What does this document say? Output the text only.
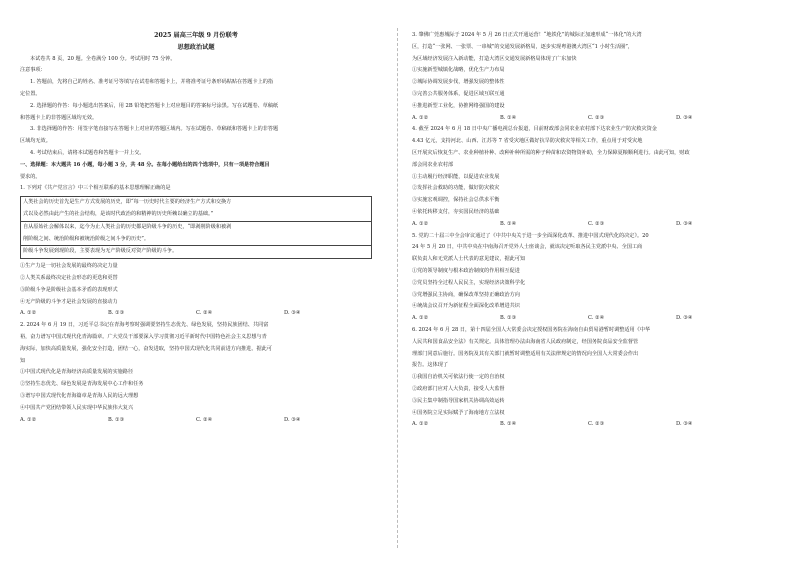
2025 届高三年级 9 月份联考
思想政治试题
本试卷共 8 页，20 题。全卷满分 100 分。考试用时 75 分钟。
注意事项：
1. 答题前，先将自己的姓名、准考证号等填写在试卷和答题卡上，并将准考证号条形码粘贴在答题卡上的指
定位置。
2. 选择题的作答：每小题选出答案后，用 2B 铅笔把答题卡上对应题目的答案标号涂黑。写在试题卷、草稿纸
和答题卡上的非答题区域均无效。
3. 非选择题的作答：用签字笔直接写在答题卡上对应的答题区域内。写在试题卷、草稿纸和答题卡上的非答题
区域均无效。
4. 考试结束后，请将本试题卷和答题卡一并上交。
一、选择题：本大题共 16 小题，每小题 3 分，共 48 分。在每小题给出的四个选项中，只有一项是符合题目
要求的。
1. 下列对《共产党宣言》中三个相互联系的基本思想理解正确的是
人类社会的历史首先是生产方式发展的历史，即“每一历史时代主要的经济生产方式和交换方
式以及必然由此产生的社会结构，是该时代政治的和精神的历史所赖以确立的基础。”
自从原始社会解体以来，迄今为止人类社会的历史都是阶级斗争的历史，“即剥削阶级和被剥
削阶级之间、统治阶级和被统治阶级之间斗争的历史”。
阶级斗争发展到现阶段，主要表现为无产阶级反对资产阶级的斗争。
①生产力是一切社会发展的最终的决定力量
②人类关系最终决定社会形态的更迭和更替
③阶级斗争是阶级社会基本矛盾的表现形式
④无产阶级的斗争才是社会发展的直接动力
A. ①②	B. ①③	C. ②④	D. ③④
2. 2024 年 6 月 19 日，习近平总书记在青海考察时强调要坚持生态优先、绿色发展，坚持民族团结、共同富
裕，奋力谱写中国式现代化青海篇章。广大党员干部要深入学习贯彻习近平新时代中国特色社会主义思想与青
海实际，加快高质量发展，强化安全打造，团结一心，奋发进取，坚持中国式现代化共同前进方向推进。据此可
知
①中国式现代化是青海经济高质量发展的实施路径
②坚持生态优先、绿色发展是青海发展中心工作和任务
③谱写中国式现代化青海篇章是青海人民的远大理想
④中国共产党团结带领人民实现中华民族伟大复兴
A. ①②	B. ①③	C. ②④	D. ③④
3. 肇佛广莞惠城际于 2024 年 5 月 26 日正式开通运营！“地铁化”的城际正加速形成“一体化”的大湾
区，打造“一张网、一张票、一串城”的交通发展新格局，逐步实现粤港澳大湾区“1 小时生活圈”，
为区域经济发展注入新动能，打造大湾区交通发展新格局体现了广东加快
①实施新型城镇化战略，优化生产力布局
②城际协调发展步伐，增强发展的整体性
③完善公共服务体系，促进区域互联互通
④推进新型工业化，协推网络强国的建设
A. ①②	B. ①④	C. ②③	D. ③④
4. 截至 2024 年 6 月 18 日中央广播电视总台报道，目前财政部会同农业农村部下达农业生产防灾救灾资金
4.43 亿元，支持河北、山西、江苏等 7 省受灾地区做好抗旱防灾救灾等相关工作，重点用于对受灾地
区开展灾后恢复生产、农业种植补种、改种补种所需的种子种苗和农资物资补助，全力保障夏粮顺利进行。由此可知，财政
部会同农业农村部
①主动履行经济职能，以促进农业发展
②发挥社会救助的功能，做好防灾救灾
③实施宏观调控，保持社会总供求平衡
④依托转移支付，夯实国民经济的基础
A. ①②	B. ①④	C. ②③	D. ③④
5. 党的二十届三中全会审议通过了《中共中央关于进一步全面深化改革、推进中国式现代化的决定》。20
24 年 5 月 20 日，中共中央在中南海召开党外人士座谈会，就该决定听取各民主党派中央、全国工商
联负责人和无党派人士代表的意见建议，据此可知
①党的领导制度与根本政治制度的作用相互促进
②党员坚持全过程人民民主，实现经济决策科学化
③党增强民主协商，确保改革坚持正确政治方向
④统战会议召开为新征程全面深化改革增进共识
A. ①②	B. ①③	C. ②④	D. ③④
6. 2024 年 6 月 28 日，第十四届全国人大常委会决定授权国务院在海南自由贸易港暂时调整适用《中华
人民共和国食品安全法》有关规定。具体管理办法由海南省人民政府制定，经国务院食品安全监督管
理部门同意后施行。国务院及其有关部门就暂时调整适用有关法律规定的情况向全国人大常委会作出
报告。这体现了
①我国自治机关可依法行使一定的自治权
②政府部门应对人大负责，接受人大监督
③民主集中制指导国家机关协调高效运转
④国务院立足实际赋予了海南地方立法权
A. ①②	B. ①④	C. ②③	D. ③④
